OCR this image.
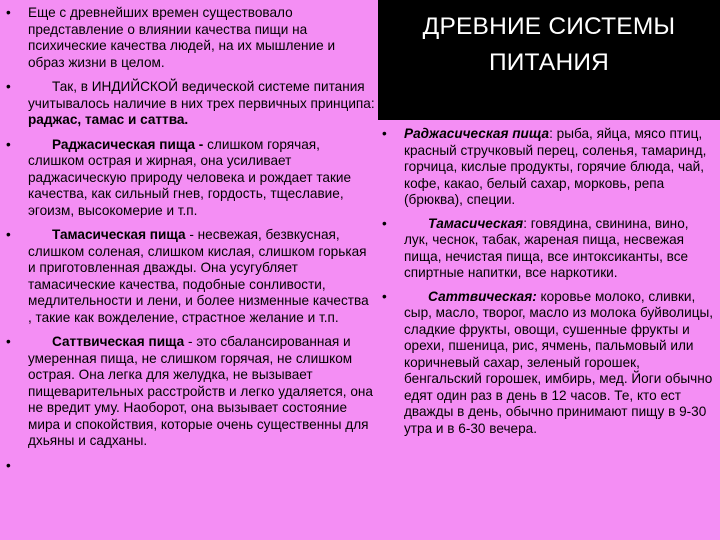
ДРЕВНИЕ СИСТЕМЫ
ПИТАНИЯ
• Еще с древнейших времен существовало представление о влиянии качества пищи на психические качества людей, на их мышление и образ жизни в целом.
• Так, в ИНДИЙСКОЙ ведической системе питания учитывалось наличие в них трех первичных принципа: раджас, тамас и саттва.
• Раджасическая пища - слишком горячая, слишком острая и жирная, она усиливает раджасическую природу человека и рождает такие качества, как сильный гнев, гордость, тщеславие, эгоизм, высокомерие и т.п.
• Тамасическая пища - несвежая, безвкусная, слишком соленая, слишком кислая, слишком горькая и приготовленная дважды. Она усугубляет тамасические качества, подобные сонливости, медлительности и лени, и более низменные качества , такие как вожделение, страстное желание и т.п.
• Саттвическая пища - это сбалансированная и умеренная пища, не слишком горячая, не слишком острая. Она легка для желудка, не вызывает пищеварительных расстройств и легко удаляется, она не вредит уму. Наоборот, она вызывает состояние мира и спокойствия, которые очень существенны для дхьяны и садханы.
• Раджасическая пища: рыба, яйца, мясо птиц, красный стручковый перец, соленья, тамаринд, горчица, кислые продукты, горячие блюда, чай, кофе, какао, белый сахар, морковь, репа (брюква), специи.
• Тамасическая: говядина, свинина, вино, лук, чеснок, табак, жареная пища, несвежая пища, нечистая пища, все интоксиканты, все спиртные напитки, все наркотики.
• Саттвическая: коровье молоко, сливки, сыр, масло, творог, масло из молока буйволицы, сладкие фрукты, овощи, сушенные фрукты и орехи, пшеница, рис, ячмень, пальмовый или коричневый сахар, зеленый горошек, бенгальский горошек, имбирь, мед. Йоги обычно едят один раз в день в 12 часов. Те, кто ест дважды в день, обычно принимают пищу в 9-30 утра и в 6-30 вечера.
